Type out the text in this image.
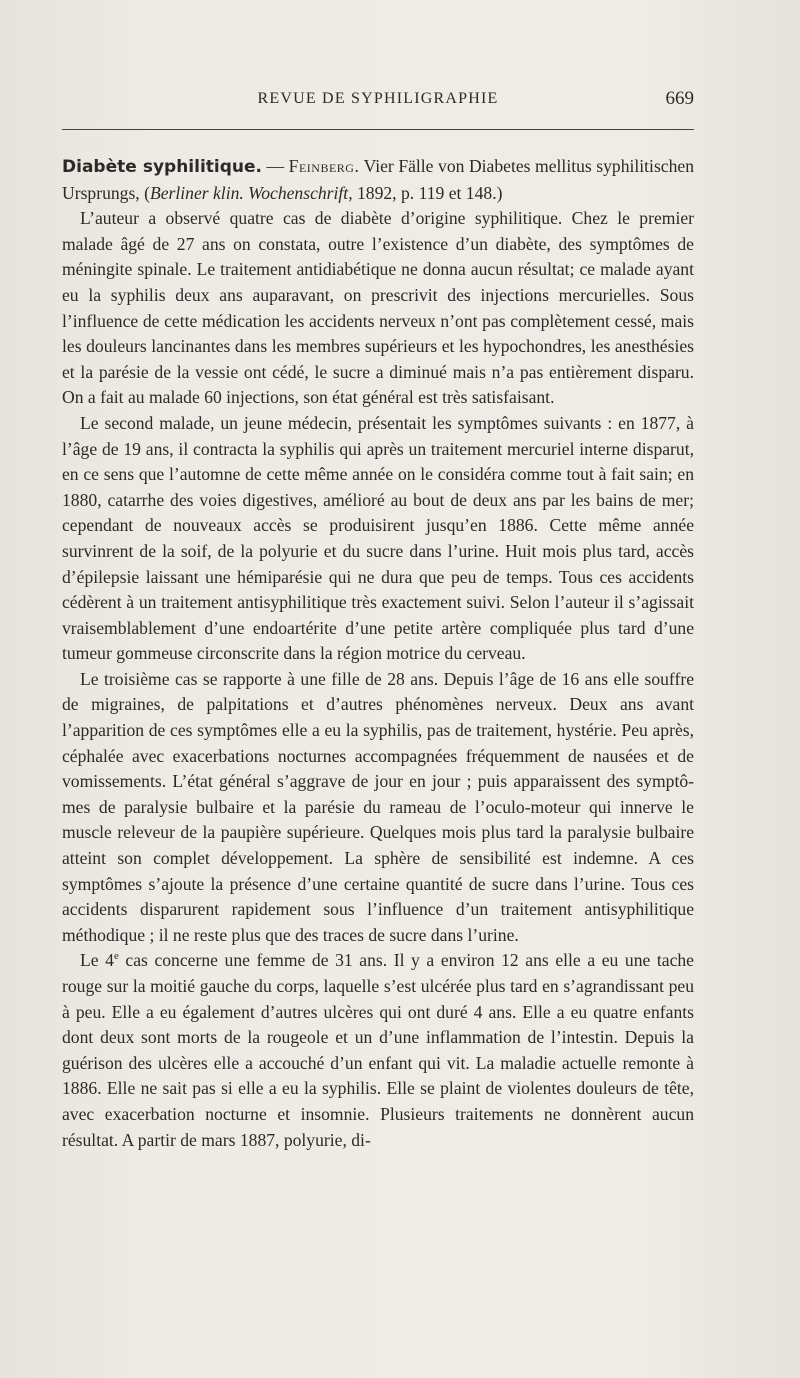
REVUE DE SYPHILIGRAPHIE	669

Diabète syphilitique. — Feinberg. Vier Fälle von Diabetes mellitus syphilitischen Ursprungs, (Berliner klin. Wochenschrift, 1892, p. 119 et 148.)

L’auteur a observé quatre cas de diabète d’origine syphilitique. Chez le premier malade âgé de 27 ans on constata, outre l’existence d’un diabète, des symptômes de méningite spinale. Le traitement antidiabétique ne donna aucun résultat; ce malade ayant eu la syphilis deux ans auparavant, on prescrivit des injections mercurielles. Sous l’influence de cette médication les accidents nerveux n’ont pas complètement cessé, mais les douleurs lancinantes dans les membres supérieurs et les hypochondres, les anesthésies et la parésie de la vessie ont cédé, le sucre a diminué mais n’a pas entièrement disparu. On a fait au malade 60 injections, son état général est très satisfaisant.

Le second malade, un jeune médecin, présentait les symptômes suivants : en 1877, à l’âge de 19 ans, il contracta la syphilis qui après un traitement mercuriel interne disparut, en ce sens que l’automne de cette même année on le considéra comme tout à fait sain; en 1880, catarrhe des voies digestives, amélioré au bout de deux ans par les bains de mer; cependant de nouveaux accès se produisirent jusqu’en 1886. Cette même année survinrent de la soif, de la polyurie et du sucre dans l’urine. Huit mois plus tard, accès d’épilepsie laissant une hémiparésie qui ne dura que peu de temps. Tous ces accidents cédèrent à un traitement antisyphilitique très exactement suivi. Selon l’auteur il s’agissait vraisemblablement d’une endoartérite d’une petite artère compliquée plus tard d’une tumeur gommeuse circonscrite dans la région motrice du cerveau.

Le troisième cas se rapporte à une fille de 28 ans. Depuis l’âge de 16 ans elle souffre de migraines, de palpitations et d’autres phénomènes nerveux. Deux ans avant l’apparition de ces symptômes elle a eu la syphilis, pas de traitement, hystérie. Peu après, céphalée avec exacerbations nocturnes accompagnées fréquemment de nausées et de vomissements. L’état général s’aggrave de jour en jour ; puis apparaissent des symptômes de paralysie bulbaire et la parésie du rameau de l’oculo-moteur qui innerve le muscle releveur de la paupière supérieure. Quelques mois plus tard la paralysie bulbaire atteint son complet développement. La sphère de sensibilité est indemne. A ces symptômes s’ajoute la présence d’une certaine quantité de sucre dans l’urine. Tous ces accidents disparurent rapidement sous l’influence d’un traitement antisyphilitique méthodique ; il ne reste plus que des traces de sucre dans l’urine.

Le 4e cas concerne une femme de 31 ans. Il y a environ 12 ans elle a eu une tache rouge sur la moitié gauche du corps, laquelle s’est ulcérée plus tard en s’agrandissant peu à peu. Elle a eu également d’autres ulcères qui ont duré 4 ans. Elle a eu quatre enfants dont deux sont morts de la rougeole et un d’une inflammation de l’intestin. Depuis la guérison des ulcères elle a accouché d’un enfant qui vit. La maladie actuelle remonte à 1886. Elle ne sait pas si elle a eu la syphilis. Elle se plaint de violentes douleurs de tête, avec exacerbation nocturne et insomnie. Plusieurs traitements ne donnèrent aucun résultat. A partir de mars 1887, polyurie, di-
